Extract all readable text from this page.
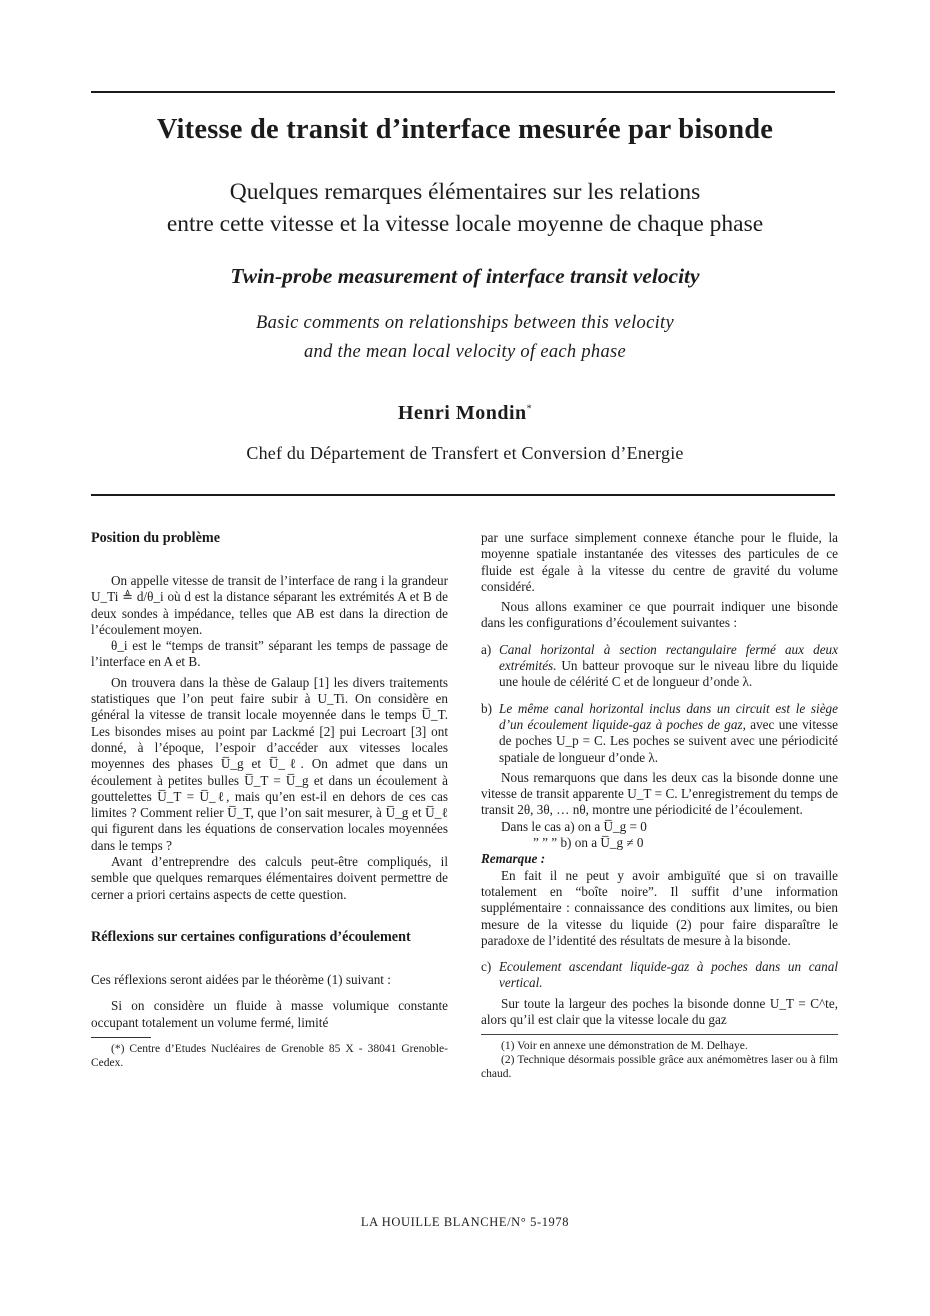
Vitesse de transit d’interface mesurée par bisonde
Quelques remarques élémentaires sur les relations
entre cette vitesse et la vitesse locale moyenne de chaque phase
Twin-probe measurement of interface transit velocity
Basic comments on relationships between this velocity
and the mean local velocity of each phase
Henri Mondin*
Chef du Département de Transfert et Conversion d’Energie
Position du problème

On appelle vitesse de transit de l’interface de rang i la grandeur U_Ti ≜ d/θ_i où d est la distance séparant les extrémités A et B de deux sondes à impédance, telles que AB est dans la direction de l’écoulement moyen.

θ_i est le “temps de transit” séparant les temps de passage de l’interface en A et B.

On trouvera dans la thèse de Galaup [1] les divers traitements statistiques que l’on peut faire subir à U_Ti. On considère en général la vitesse de transit locale moyennée dans le temps U̅_T. Les bisondes mises au point par Lackmé [2] pui Lecroart [3] ont donné, à l’époque, l’espoir d’accéder aux vitesses locales moyennes des phases U̅_g et U̅_ℓ. On admet que dans un écoulement à petites bulles U̅_T = U̅_g et dans un écoulement à gouttelettes U̅_T = U̅_ℓ, mais qu’en est-il en dehors de ces cas limites ? Comment relier U̅_T, que l’on sait mesurer, à U̅_g et U̅_ℓ qui figurent dans les équations de conservation locales moyennées dans le temps ?

Avant d’entreprendre des calculs peut-être compliqués, il semble que quelques remarques élémentaires doivent permettre de cerner a priori certains aspects de cette question.

Réflexions sur certaines configurations d’écoulement

Ces réflexions seront aidées par le théorème (1) suivant :

Si on considère un fluide à masse volumique constante occupant totalement un volume fermé, limité

(*) Centre d’Etudes Nucléaires de Grenoble 85 X - 38041 Grenoble-Cedex.

par une surface simplement connexe étanche pour le fluide, la moyenne spatiale instantanée des vitesses des particules de ce fluide est égale à la vitesse du centre de gravité du volume considéré.

Nous allons examiner ce que pourrait indiquer une bisonde dans les configurations d’écoulement suivantes :

a) Canal horizontal à section rectangulaire fermé aux deux extrémités. Un batteur provoque sur le niveau libre du liquide une houle de célérité C et de longueur d’onde λ.
b) Le même canal horizontal inclus dans un circuit est le siège d’un écoulement liquide-gaz à poches de gaz, avec une vitesse de poches U_p = C. Les poches se suivent avec une périodicité spatiale de longueur d’onde λ.

Nous remarquons que dans les deux cas la bisonde donne une vitesse de transit apparente U_T = C. L’enregistrement du temps de transit 2θ, 3θ, … nθ, montre une périodicité de l’écoulement.

Dans le cas a) on a U̅_g = 0
” ” ” b) on a U̅_g ≠ 0

Remarque :

En fait il ne peut y avoir ambiguïté que si on travaille totalement en “boîte noire”. Il suffit d’une information supplémentaire : connaissance des conditions aux limites, ou bien mesure de la vitesse du liquide (2) pour faire disparaître le paradoxe de l’identité des résultats de mesure à la bisonde.

c) Ecoulement ascendant liquide-gaz à poches dans un canal vertical.

Sur toute la largeur des poches la bisonde donne U_T = C^te, alors qu’il est clair que la vitesse locale du gaz

(1) Voir en annexe une démonstration de M. Delhaye.

(2) Technique désormais possible grâce aux anémomètres laser ou à film chaud.

LA HOUILLE BLANCHE/N° 5-1978
